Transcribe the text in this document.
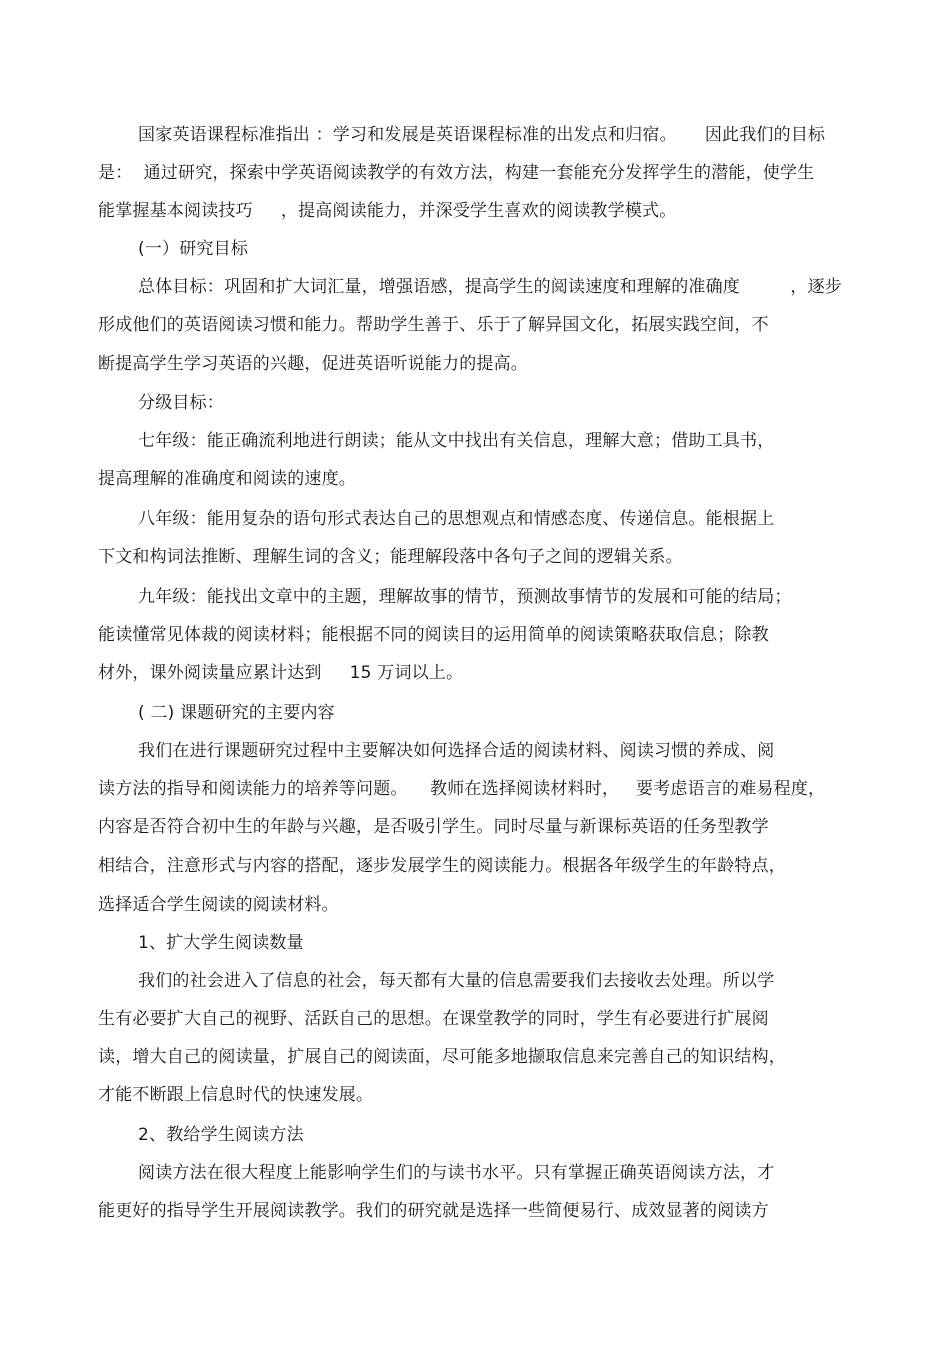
国家英语课程标准指出 ：学习和发展是英语课程标准的出发点和归宿。     因此我们的目标
是：  通过研究，探索中学英语阅读教学的有效方法，构建一套能充分发挥学生的潜能，使学生
能掌握基本阅读技巧     ，提高阅读能力，并深受学生喜欢的阅读教学模式。
(一）研究目标
总体目标：巩固和扩大词汇量，增强语感，提高学生的阅读速度和理解的准确度         ，逐步
形成他们的英语阅读习惯和能力。帮助学生善于、乐于了解异国文化，拓展实践空间，不
断提高学生学习英语的兴趣，促进英语听说能力的提高。
分级目标：
七年级：能正确流利地进行朗读；能从文中找出有关信息，理解大意；借助工具书，
提高理解的准确度和阅读的速度。
八年级：能用复杂的语句形式表达自己的思想观点和情感态度、传递信息。能根据上
下文和构词法推断、理解生词的含义；能理解段落中各句子之间的逻辑关系。
九年级：能找出文章中的主题，理解故事的情节，预测故事情节的发展和可能的结局；
能读懂常见体裁的阅读材料；能根据不同的阅读目的运用简单的阅读策略获取信息；除教
材外，课外阅读量应累计达到     15 万词以上。
( 二) 课题研究的主要内容
我们在进行课题研究过程中主要解决如何选择合适的阅读材料、阅读习惯的养成、阅
读方法的指导和阅读能力的培养等问题。    教师在选择阅读材料时，   要考虑语言的难易程度，
内容是否符合初中生的年龄与兴趣，是否吸引学生。同时尽量与新课标英语的任务型教学
相结合，注意形式与内容的搭配，逐步发展学生的阅读能力。根据各年级学生的年龄特点，
选择适合学生阅读的阅读材料。
1、扩大学生阅读数量
我们的社会进入了信息的社会，每天都有大量的信息需要我们去接收去处理。所以学
生有必要扩大自己的视野、活跃自己的思想。在课堂教学的同时，学生有必要进行扩展阅
读，增大自己的阅读量，扩展自己的阅读面，尽可能多地撷取信息来完善自己的知识结构，
才能不断跟上信息时代的快速发展。
2、教给学生阅读方法
阅读方法在很大程度上能影响学生们的与读书水平。只有掌握正确英语阅读方法，才
能更好的指导学生开展阅读教学。我们的研究就是选择一些简便易行、成效显著的阅读方
